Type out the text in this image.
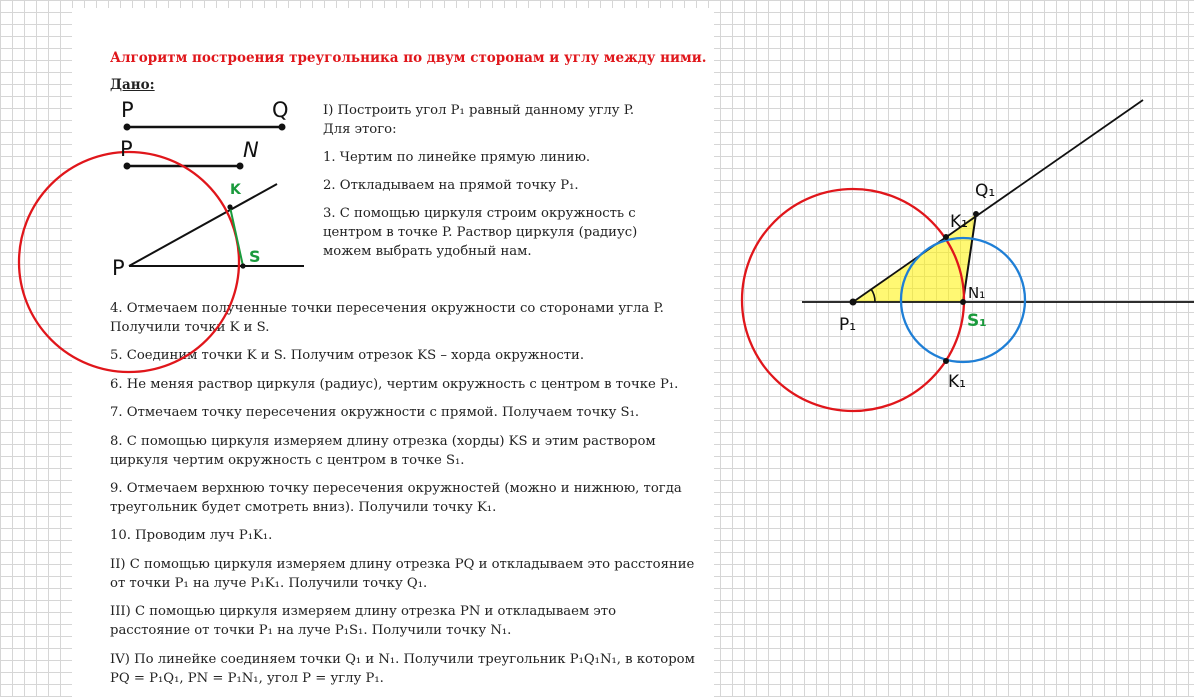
Алгоритм построения треугольника по двум сторонам и углу между ними.
Дано:

I) Построить угол P₁ равный данному углу P.

Для этого:

1. Чертим по линейке прямую линию.

2. Откладываем на прямой точку P₁.

3. С помощью циркуля строим окружность с центром в точке P. Раствор циркуля (радиус) можем выбрать удобный нам.

4. Отмечаем полученные точки пересечения окружности со сторонами угла P. Получили точки K и S.

5. Соединим точки K и S. Получим отрезок KS – хорда окружности.

6. Не меняя раствор циркуля (радиус), чертим окружность с центром в точке P₁.

7. Отмечаем точку пересечения окружности с прямой. Получаем точку S₁.

8. С помощью циркуля измеряем длину отрезка (хорды) KS и этим раствором циркуля чертим окружность с центром в точке S₁.

9. Отмечаем верхнюю точку пересечения окружностей (можно и нижнюю, тогда треугольник будет смотреть вниз). Получили точку K₁.

10. Проводим луч P₁K₁.

II) С помощью циркуля измеряем длину отрезка PQ и откладываем это расстояние от точки P₁ на луче P₁K₁. Получили точку Q₁.

III) С помощью циркуля измеряем длину отрезка PN и откладываем это расстояние от точки P₁ на луче P₁S₁. Получили точку N₁.

IV) По линейке соединяем точки Q₁ и N₁. Получили треугольник P₁Q₁N₁, в котором PQ = P₁Q₁, PN = P₁N₁, угол P = углу P₁.

P	Q
P	N
P
K
S
P₁
Q₁
K₁
N₁
S₁
K₁
